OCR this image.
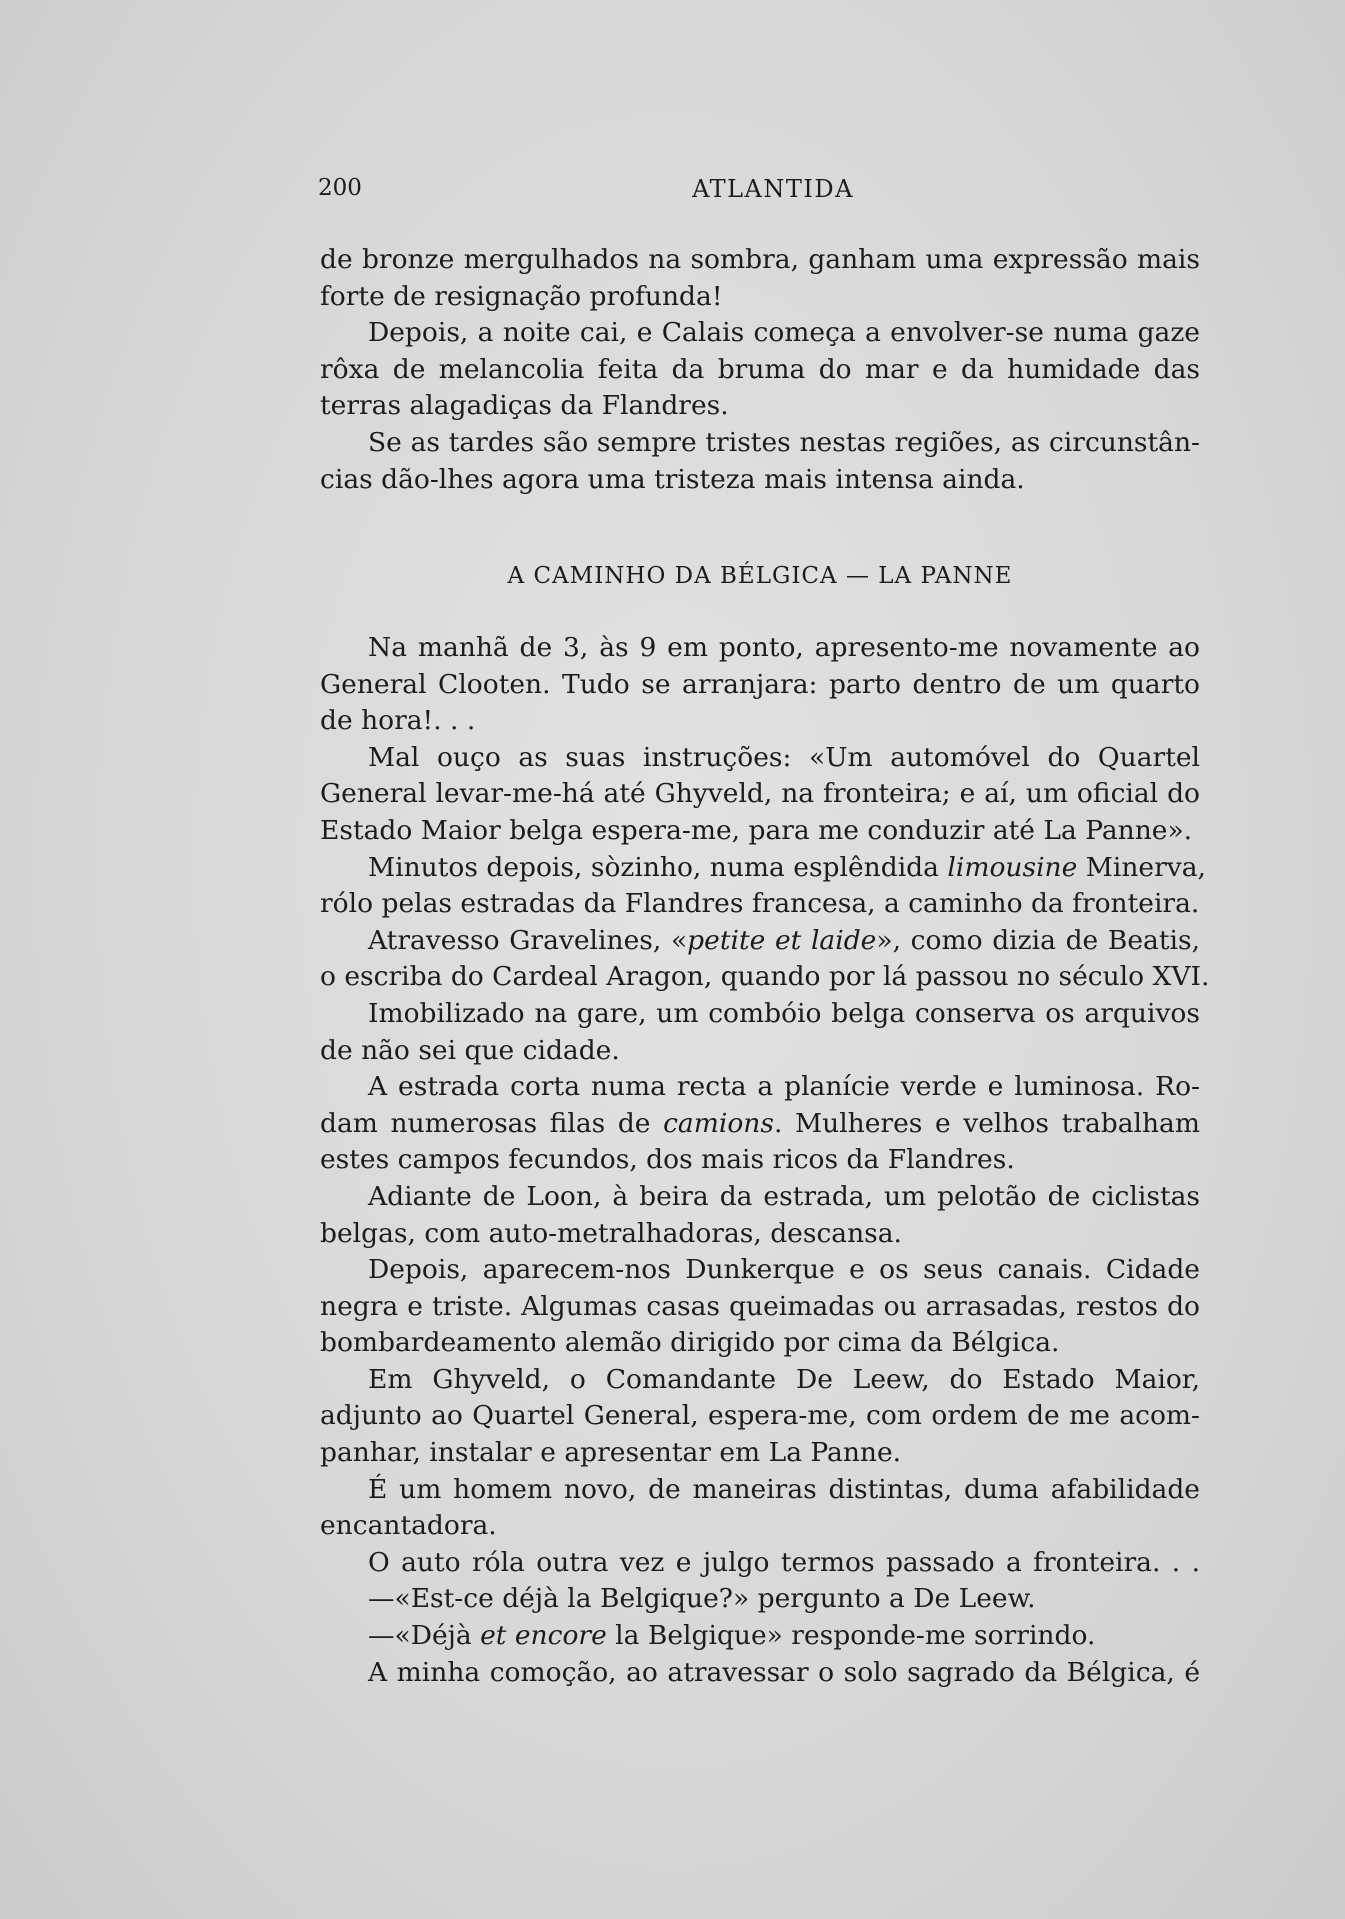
200	ATLANTIDA
de bronze mergulhados na sombra, ganham uma expressão mais
forte de resignação profunda!
Depois, a noite cai, e Calais começa a envolver-se numa gaze
rôxa de melancolia feita da bruma do mar e da humidade das
terras alagadiças da Flandres.
Se as tardes são sempre tristes nestas regiões, as circunstân-
cias dão-lhes agora uma tristeza mais intensa ainda.
A CAMINHO DA BÉLGICA — LA PANNE
Na manhã de 3, às 9 em ponto, apresento-me novamente ao
General Clooten. Tudo se arranjara: parto dentro de um quarto
de hora!. . .
Mal ouço as suas instruções: «Um automóvel do Quartel
General levar-me-há até Ghyveld, na fronteira; e aí, um oficial do
Estado Maior belga espera-me, para me conduzir até La Panne».
Minutos depois, sòzinho, numa esplêndida limousine Minerva,
rólo pelas estradas da Flandres francesa, a caminho da fronteira.
Atravesso Gravelines, «petite et laide», como dizia de Beatis,
o escriba do Cardeal Aragon, quando por lá passou no século XVI.
Imobilizado na gare, um combóio belga conserva os arquivos
de não sei que cidade.
A estrada corta numa recta a planície verde e luminosa. Ro-
dam numerosas filas de camions. Mulheres e velhos trabalham
estes campos fecundos, dos mais ricos da Flandres.
Adiante de Loon, à beira da estrada, um pelotão de ciclistas
belgas, com auto-metralhadoras, descansa.
Depois, aparecem-nos Dunkerque e os seus canais. Cidade
negra e triste. Algumas casas queimadas ou arrasadas, restos do
bombardeamento alemão dirigido por cima da Bélgica.
Em Ghyveld, o Comandante De Leew, do Estado Maior,
adjunto ao Quartel General, espera-me, com ordem de me acom-
panhar, instalar e apresentar em La Panne.
É um homem novo, de maneiras distintas, duma afabilidade
encantadora.
O auto róla outra vez e julgo termos passado a fronteira. . .
—«Est-ce déjà la Belgique?» pergunto a De Leew.
—«Déjà et encore la Belgique» responde-me sorrindo.
A minha comoção, ao atravessar o solo sagrado da Bélgica, é
